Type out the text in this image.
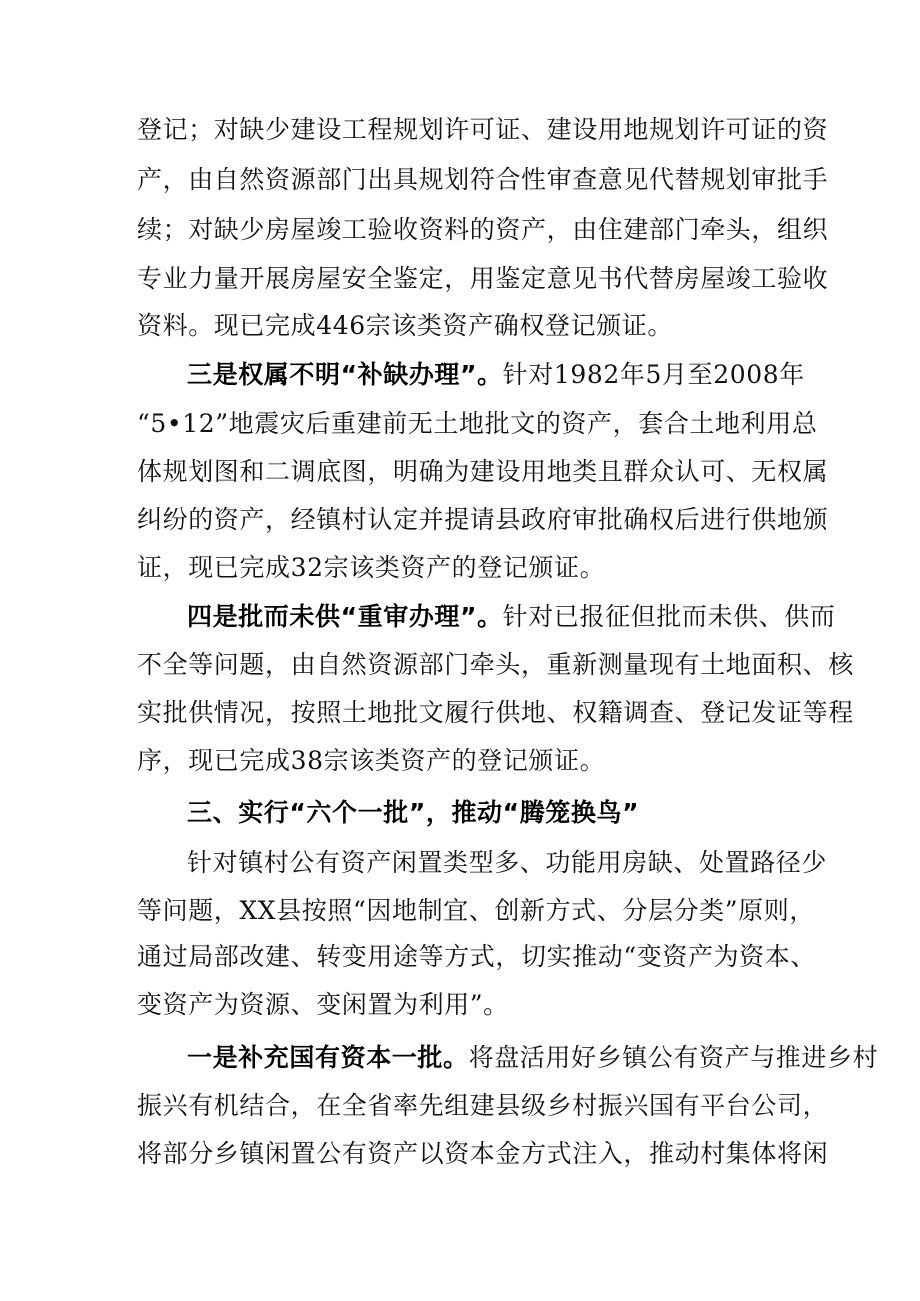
登记；对缺少建设工程规划许可证、建设用地规划许可证的资
产，由自然资源部门出具规划符合性审查意见代替规划审批手
续；对缺少房屋竣工验收资料的资产，由住建部门牵头，组织
专业力量开展房屋安全鉴定，用鉴定意见书代替房屋竣工验收
资料。现已完成446宗该类资产确权登记颁证。
三是权属不明“补缺办理”。针对1982年5月至2008年
“5•12”地震灾后重建前无土地批文的资产，套合土地利用总
体规划图和二调底图，明确为建设用地类且群众认可、无权属
纠纷的资产，经镇村认定并提请县政府审批确权后进行供地颁
证，现已完成32宗该类资产的登记颁证。
四是批而未供“重审办理”。针对已报征但批而未供、供而
不全等问题，由自然资源部门牵头，重新测量现有土地面积、核
实批供情况，按照土地批文履行供地、权籍调查、登记发证等程
序，现已完成38宗该类资产的登记颁证。
三、实行“六个一批”，推动“腾笼换鸟”
针对镇村公有资产闲置类型多、功能用房缺、处置路径少
等问题，XX县按照“因地制宜、创新方式、分层分类”原则，
通过局部改建、转变用途等方式，切实推动“变资产为资本、
变资产为资源、变闲置为利用”。
一是补充国有资本一批。将盘活用好乡镇公有资产与推进乡村
振兴有机结合，在全省率先组建县级乡村振兴国有平台公司，
将部分乡镇闲置公有资产以资本金方式注入，推动村集体将闲
